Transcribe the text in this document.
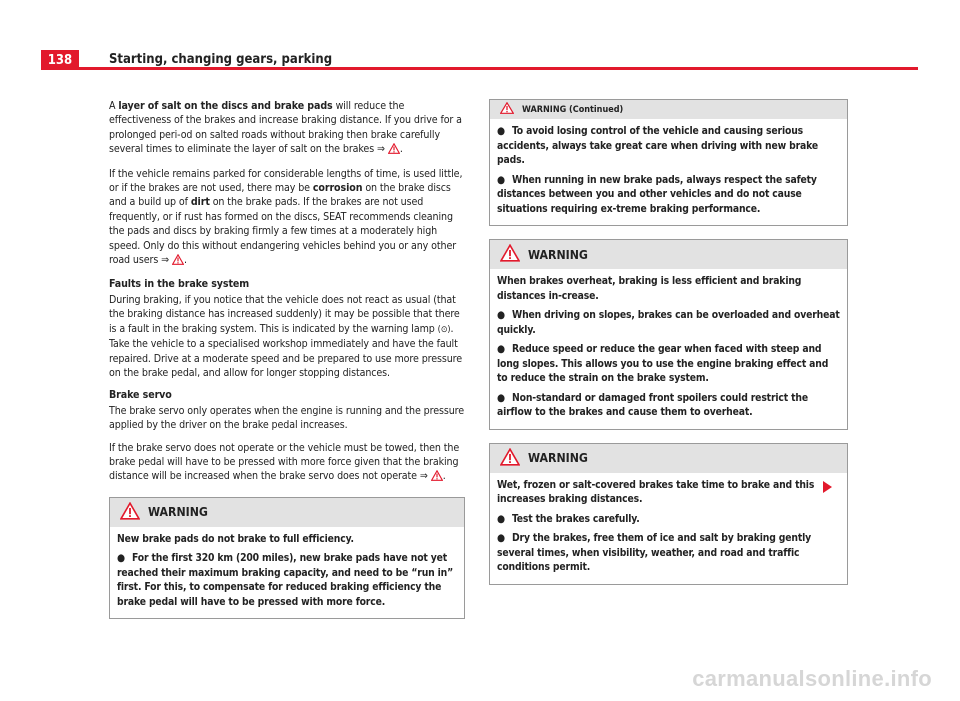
138	Starting, changing gears, parking

A layer of salt on the discs and brake pads will reduce the effectiveness of the brakes and increase braking distance. If you drive for a prolonged peri-od on salted roads without braking then brake carefully several times to eliminate the layer of salt on the brakes ⇒ .

If the vehicle remains parked for considerable lengths of time, is used little, or if the brakes are not used, there may be corrosion on the brake discs and a build up of dirt on the brake pads. If the brakes are not used frequently, or if rust has formed on the discs, SEAT recommends cleaning the pads and discs by braking firmly a few times at a moderately high speed. Only do this without endangering vehicles behind you or any other road users ⇒ .

Faults in the brake system

During braking, if you notice that the vehicle does not react as usual (that the braking distance has increased suddenly) it may be possible that there is a fault in the braking system. This is indicated by the warning lamp (⊙). Take the vehicle to a specialised workshop immediately and have the fault repaired. Drive at a moderate speed and be prepared to use more pressure on the brake pedal, and allow for longer stopping distances.

Brake servo

The brake servo only operates when the engine is running and the pressure applied by the driver on the brake pedal increases.

If the brake servo does not operate or the vehicle must be towed, then the brake pedal will have to be pressed with more force given that the braking distance will be increased when the brake servo does not operate ⇒ .

WARNING

New brake pads do not brake to full efficiency.

● For the first 320 km (200 miles), new brake pads have not yet reached their maximum braking capacity, and need to be “run in” first. For this, to compensate for reduced braking efficiency the brake pedal will have to be pressed with more force.

WARNING (Continued)

● To avoid losing control of the vehicle and causing serious accidents, always take great care when driving with new brake pads.

● When running in new brake pads, always respect the safety distances between you and other vehicles and do not cause situations requiring ex-treme braking performance.

WARNING

When brakes overheat, braking is less efficient and braking distances in-crease.

● When driving on slopes, brakes can be overloaded and overheat quickly.

● Reduce speed or reduce the gear when faced with steep and long slopes. This allows you to use the engine braking effect and to reduce the strain on the brake system.

● Non-standard or damaged front spoilers could restrict the airflow to the brakes and cause them to overheat.

WARNING

Wet, frozen or salt-covered brakes take time to brake and this increases braking distances.

● Test the brakes carefully.

● Dry the brakes, free them of ice and salt by braking gently several times, when visibility, weather, and road and traffic conditions permit.

carmanualsonline.info
